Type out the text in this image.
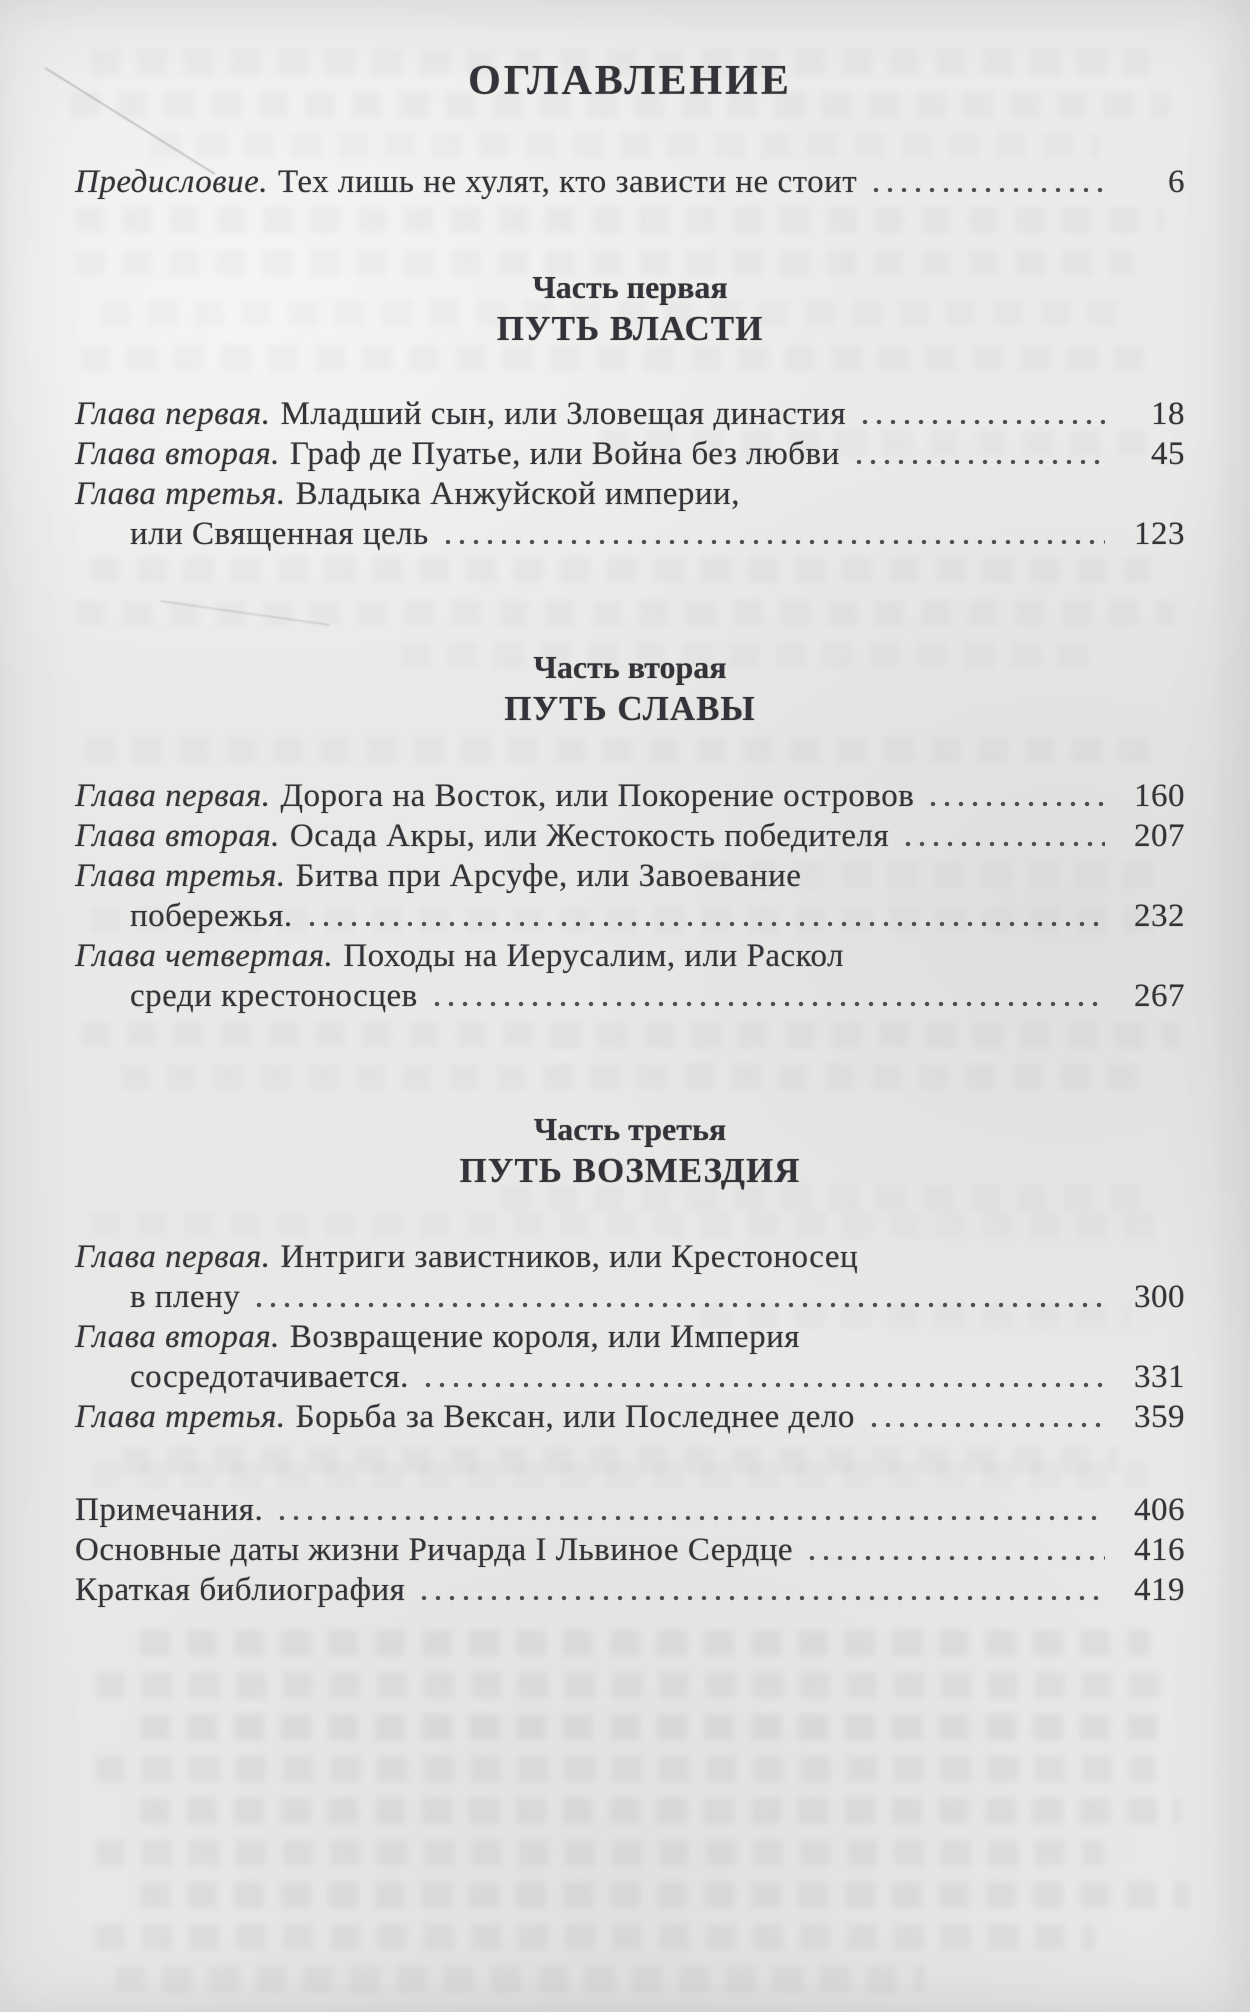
ОГЛАВЛЕНИЕ
Предисловие. Тех лишь не хулят, кто зависти не стоит	6
Часть первая
ПУТЬ ВЛАСТИ
Глава первая. Младший сын, или Зловещая династия	18
Глава вторая. Граф де Пуатье, или Война без любви	45
Глава третья. Владыка Анжуйской империи,
или Священная цель	123
Часть вторая
ПУТЬ СЛАВЫ
Глава первая. Дорога на Восток, или Покорение островов	160
Глава вторая. Осада Акры, или Жестокость победителя	207
Глава третья. Битва при Арсуфе, или Завоевание
побережья.	232
Глава четвертая. Походы на Иерусалим, или Раскол
среди крестоносцев	267
Часть третья
ПУТЬ ВОЗМЕЗДИЯ
Глава первая. Интриги завистников, или Крестоносец
в плену	300
Глава вторая. Возвращение короля, или Империя
сосредотачивается.	331
Глава третья. Борьба за Вексан, или Последнее дело	359
Примечания.	406
Основные даты жизни Ричарда I Львиное Сердце	416
Краткая библиография	419
